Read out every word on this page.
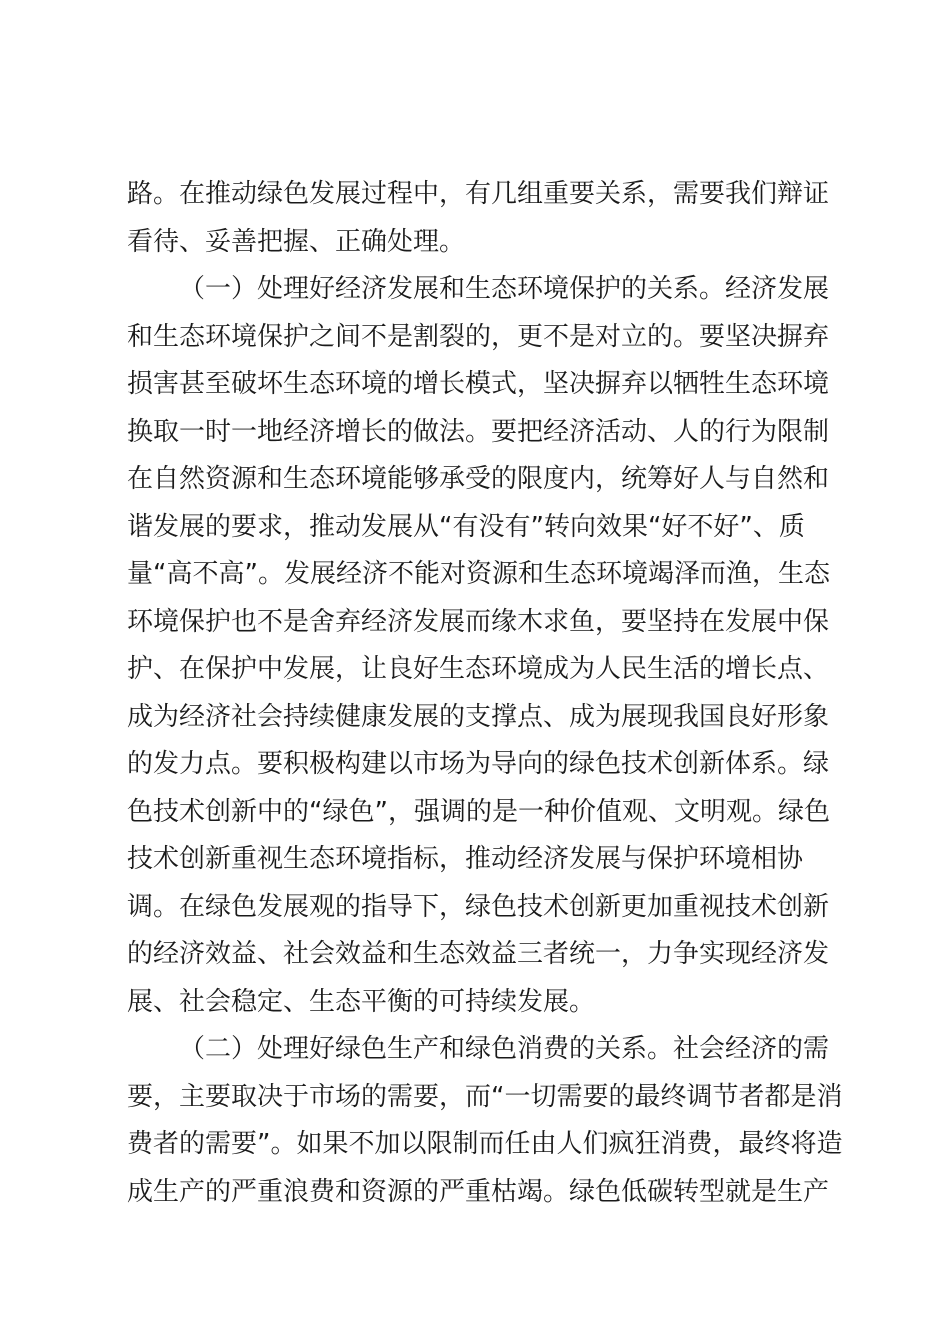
路。在推动绿色发展过程中，有几组重要关系，需要我们辩证
看待、妥善把握、正确处理。
（一）处理好经济发展和生态环境保护的关系。经济发展
和生态环境保护之间不是割裂的，更不是对立的。要坚决摒弃
损害甚至破坏生态环境的增长模式，坚决摒弃以牺牲生态环境
换取一时一地经济增长的做法。要把经济活动、人的行为限制
在自然资源和生态环境能够承受的限度内，统筹好人与自然和
谐发展的要求，推动发展从“有没有”转向效果“好不好”、质
量“高不高”。发展经济不能对资源和生态环境竭泽而渔，生态
环境保护也不是舍弃经济发展而缘木求鱼，要坚持在发展中保
护、在保护中发展，让良好生态环境成为人民生活的增长点、
成为经济社会持续健康发展的支撑点、成为展现我国良好形象
的发力点。要积极构建以市场为导向的绿色技术创新体系。绿
色技术创新中的“绿色”，强调的是一种价值观、文明观。绿色
技术创新重视生态环境指标，推动经济发展与保护环境相协
调。在绿色发展观的指导下，绿色技术创新更加重视技术创新
的经济效益、社会效益和生态效益三者统一，力争实现经济发
展、社会稳定、生态平衡的可持续发展。
（二）处理好绿色生产和绿色消费的关系。社会经济的需
要，主要取决于市场的需要，而“一切需要的最终调节者都是消
费者的需要”。如果不加以限制而任由人们疯狂消费，最终将造
成生产的严重浪费和资源的严重枯竭。绿色低碳转型就是生产
